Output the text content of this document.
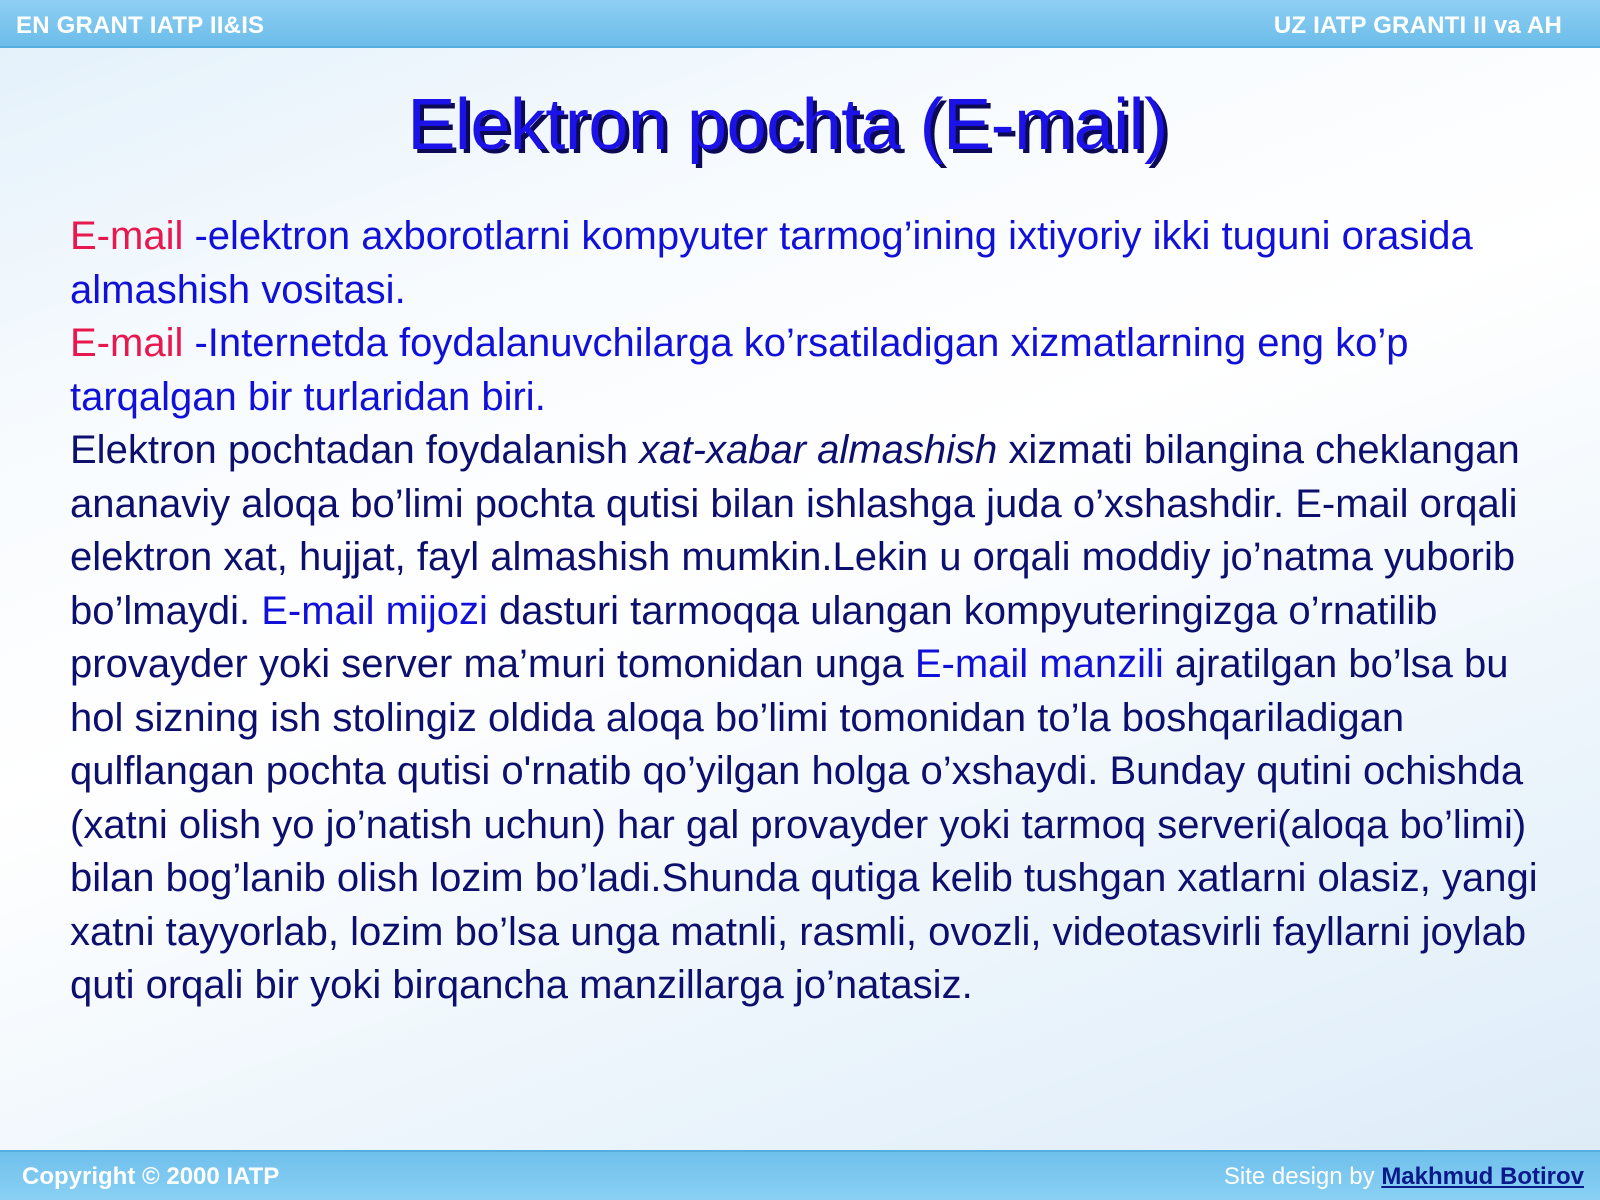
EN GRANT IATP II&IS	UZ IATP GRANTI II va AH
Elektron pochta (E-mail)

E-mail -elektron axborotlarni kompyuter tarmog’ining ixtiyoriy ikki tuguni orasida almashish vositasi.

E-mail -Internetda foydalanuvchilarga ko’rsatiladigan xizmatlarning eng ko’p tarqalgan bir turlaridan biri.

Elektron pochtadan foydalanish xat-xabar almashish xizmati bilangina cheklangan ananaviy aloqa bo’limi pochta qutisi bilan ishlashga juda o’xshashdir. E-mail orqali elektron xat, hujjat, fayl almashish mumkin.Lekin u orqali moddiy jo’natma yuborib bo’lmaydi. E-mail mijozi dasturi tarmoqqa ulangan kompyuteringizga o’rnatilib provayder yoki server ma’muri tomonidan unga E-mail manzili ajratilgan bo’lsa bu hol sizning ish stolingiz oldida aloqa bo’limi tomonidan to’la boshqariladigan qulflangan pochta qutisi o'rnatib qo’yilgan holga o’xshaydi. Bunday qutini ochishda (xatni olish yo jo’natish uchun) har gal provayder yoki tarmoq serveri(aloqa bo’limi) bilan bog’lanib olish lozim bo’ladi.Shunda qutiga kelib tushgan xatlarni olasiz, yangi xatni tayyorlab, lozim bo’lsa unga matnli, rasmli, ovozli, videotasvirli fayllarni joylab quti orqali bir yoki birqancha manzillarga jo’natasiz.

Copyright © 2000 IATP	Site design by Makhmud Botirov
